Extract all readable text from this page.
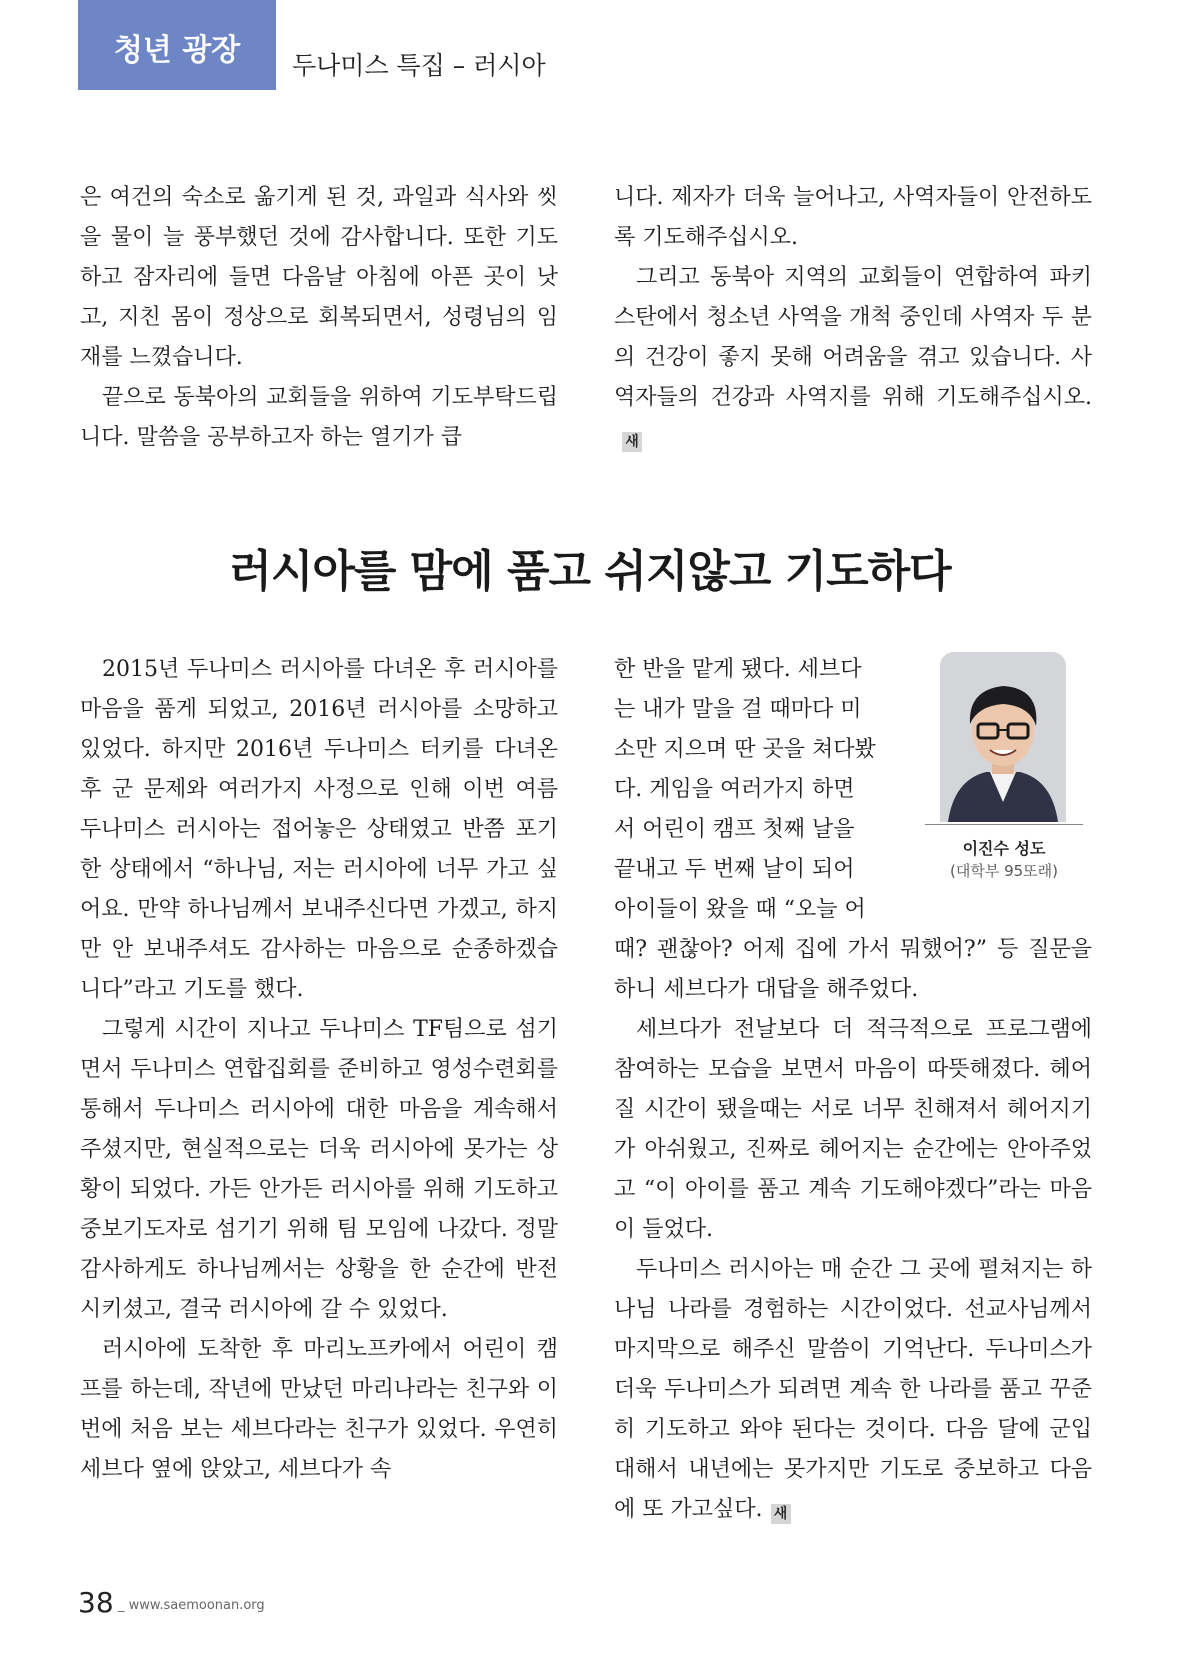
청년 광장	두나미스 특집 – 러시아

은 여건의 숙소로 옮기게 된 것, 과일과 식사와 씻을 물이 늘 풍부했던 것에 감사합니다. 또한 기도하고 잠자리에 들면 다음날 아침에 아픈 곳이 낫고, 지친 몸이 정상으로 회복되면서, 성령님의 임재를 느꼈습니다.

끝으로 동북아의 교회들을 위하여 기도부탁드립니다. 말씀을 공부하고자 하는 열기가 큽

니다. 제자가 더욱 늘어나고, 사역자들이 안전하도록 기도해주십시오.

그리고 동북아 지역의 교회들이 연합하여 파키스탄에서 청소년 사역을 개척 중인데 사역자 두 분의 건강이 좋지 못해 어려움을 겪고 있습니다. 사역자들의 건강과 사역지를 위해 기도해주십시오.새

러시아를 맘에 품고 쉬지않고 기도하다

2015년 두나미스 러시아를 다녀온 후 러시아를 마음을 품게 되었고, 2016년 러시아를 소망하고 있었다. 하지만 2016년 두나미스 터키를 다녀온 후 군 문제와 여러가지 사정으로 인해 이번 여름 두나미스 러시아는 접어놓은 상태였고 반쯤 포기한 상태에서 “하나님, 저는 러시아에 너무 가고 싶어요. 만약 하나님께서 보내주신다면 가겠고, 하지만 안 보내주셔도 감사하는 마음으로 순종하겠습니다”라고 기도를 했다.

그렇게 시간이 지나고 두나미스 TF팀으로 섬기면서 두나미스 연합집회를 준비하고 영성수련회를 통해서 두나미스 러시아에 대한 마음을 계속해서 주셨지만, 현실적으로는 더욱 러시아에 못가는 상황이 되었다. 가든 안가든 러시아를 위해 기도하고 중보기도자로 섬기기 위해 팀 모임에 나갔다. 정말 감사하게도 하나님께서는 상황을 한 순간에 반전시키셨고, 결국 러시아에 갈 수 있었다.

러시아에 도착한 후 마리노프카에서 어린이 캠프를 하는데, 작년에 만났던 마리나라는 친구와 이번에 처음 보는 세브다라는 친구가 있었다. 우연히 세브다 옆에 앉았고, 세브다가 속

한 반을 맡게 됐다. 세브다
는 내가 말을 걸 때마다 미
소만 지으며 딴 곳을 쳐다봤
다. 게임을 여러가지 하면
서 어린이 캠프 첫째 날을
끝내고 두 번째 날이 되어
아이들이 왔을 때 “오늘 어

때? 괜찮아? 어제 집에 가서 뭐했어?” 등 질문을 하니 세브다가 대답을 해주었다.

세브다가 전날보다 더 적극적으로 프로그램에 참여하는 모습을 보면서 마음이 따뜻해졌다. 헤어질 시간이 됐을때는 서로 너무 친해져서 헤어지기가 아쉬웠고, 진짜로 헤어지는 순간에는 안아주었고 “이 아이를 품고 계속 기도해야겠다”라는 마음이 들었다.

두나미스 러시아는 매 순간 그 곳에 펼쳐지는 하나님 나라를 경험하는 시간이었다. 선교사님께서 마지막으로 해주신 말씀이 기억난다. 두나미스가 더욱 두나미스가 되려면 계속 한 나라를 품고 꾸준히 기도하고 와야 된다는 것이다. 다음 달에 군입대해서 내년에는 못가지만 기도로 중보하고 다음에 또 가고싶다. 새

이진수 성도
(대학부 95또래)
38 _ www.saemoonan.org
